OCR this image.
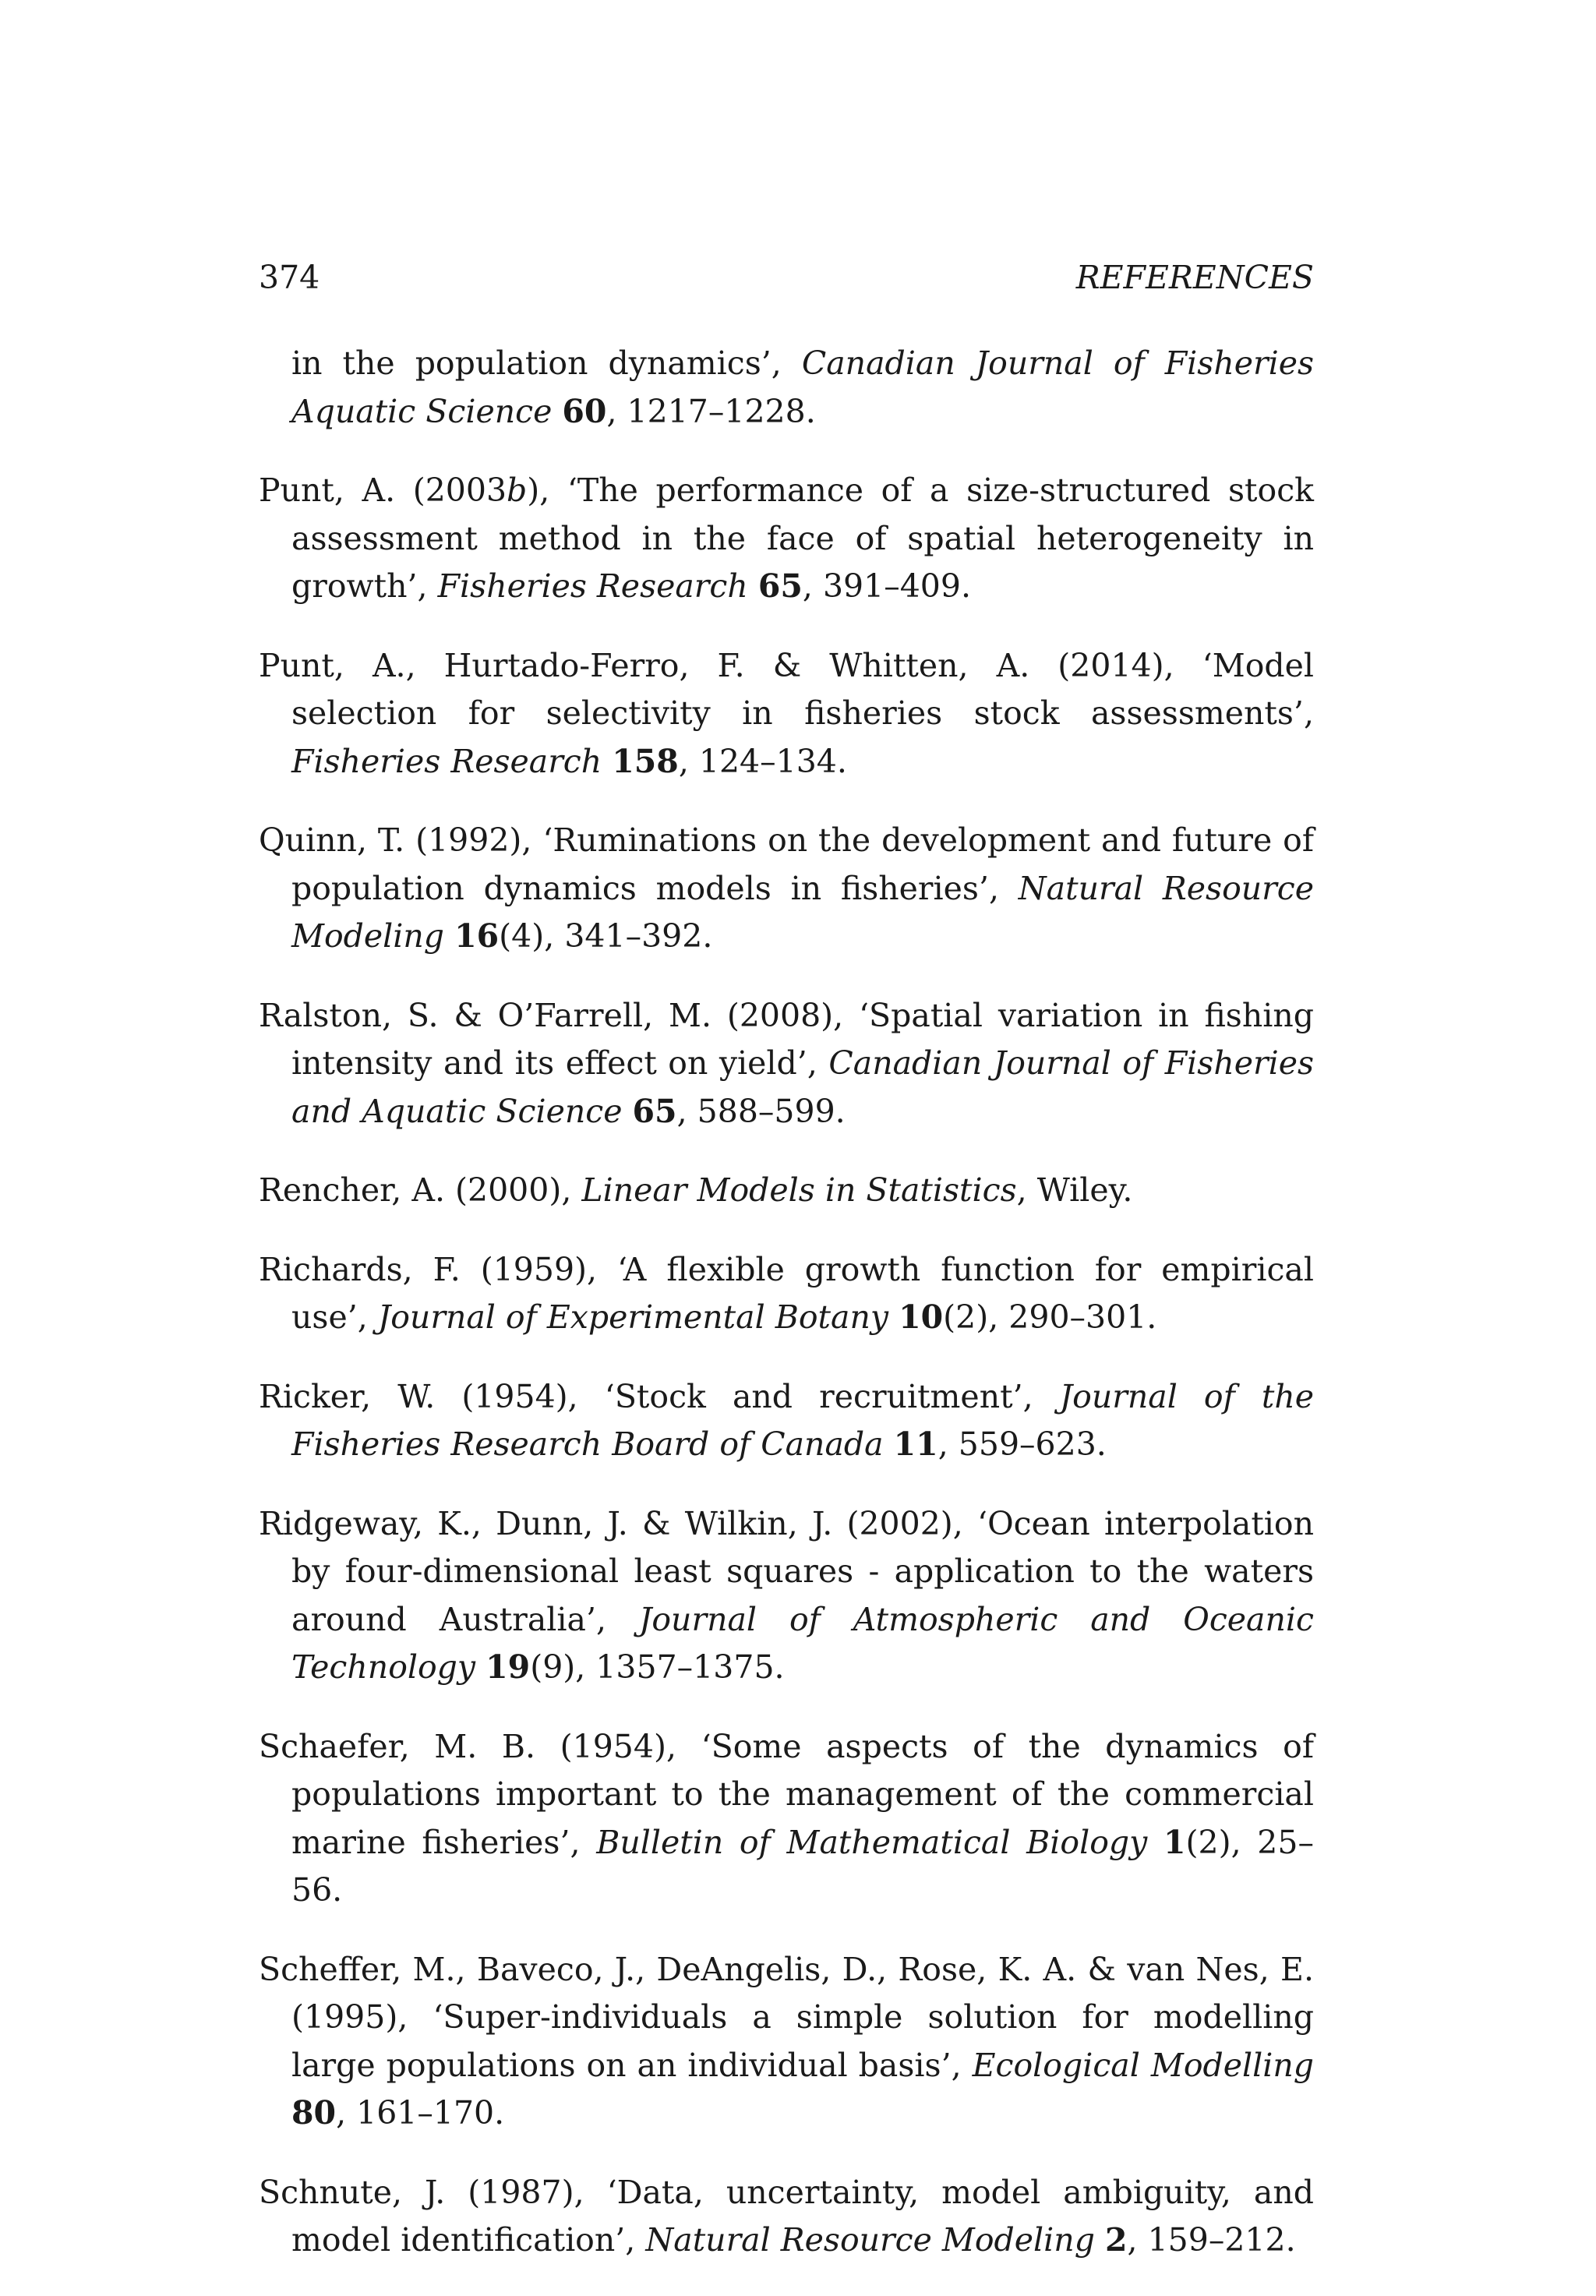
374	REFERENCES

in the population dynamics’, Canadian Journal of Fisheries Aquatic Science 60, 1217–1228.

Punt, A. (2003b), ‘The performance of a size-structured stock assessment method in the face of spatial heterogeneity in growth’, Fisheries Research 65, 391–409.

Punt, A., Hurtado-Ferro, F. & Whitten, A. (2014), ‘Model selection for selectivity in fisheries stock assessments’, Fisheries Research 158, 124–134.

Quinn, T. (1992), ‘Ruminations on the development and future of population dynamics models in fisheries’, Natural Resource Modeling 16(4), 341–392.

Ralston, S. & O’Farrell, M. (2008), ‘Spatial variation in fishing intensity and its effect on yield’, Canadian Journal of Fisheries and Aquatic Science 65, 588–599.

Rencher, A. (2000), Linear Models in Statistics, Wiley.

Richards, F. (1959), ‘A flexible growth function for empirical use’, Journal of Experimental Botany 10(2), 290–301.

Ricker, W. (1954), ‘Stock and recruitment’, Journal of the Fisheries Research Board of Canada 11, 559–623.

Ridgeway, K., Dunn, J. & Wilkin, J. (2002), ‘Ocean interpolation by four-dimensional least squares - application to the waters around Australia’, Journal of Atmospheric and Oceanic Technology 19(9), 1357–1375.

Schaefer, M. B. (1954), ‘Some aspects of the dynamics of populations important to the management of the commercial marine fisheries’, Bulletin of Mathematical Biology 1(2), 25–56.

Scheffer, M., Baveco, J., DeAngelis, D., Rose, K. A. & van Nes, E. (1995), ‘Super-individuals a simple solution for modelling large populations on an individual basis’, Ecological Modelling 80, 161–170.

Schnute, J. (1987), ‘Data, uncertainty, model ambiguity, and model identification’, Natural Resource Modeling 2, 159–212.
